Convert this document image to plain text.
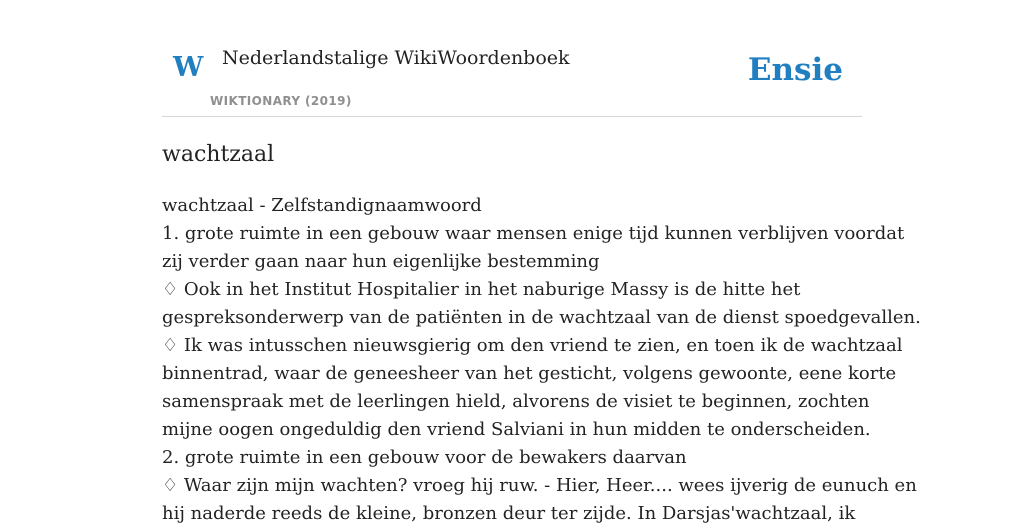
W Nederlandstalige WikiWoordenboek
WIKTIONARY (2019)
Ensie
wachtzaal
wachtzaal - Zelfstandignaamwoord
1. grote ruimte in een gebouw waar mensen enige tijd kunnen verblijven voordat
zij verder gaan naar hun eigenlijke bestemming
♢ Ook in het Institut Hospitalier in het naburige Massy is de hitte het
gespreksonderwerp van de patiënten in de wachtzaal van de dienst spoedgevallen.
♢ Ik was intusschen nieuwsgierig om den vriend te zien, en toen ik de wachtzaal
binnentrad, waar de geneesheer van het gesticht, volgens gewoonte, eene korte
samenspraak met de leerlingen hield, alvorens de visiet te beginnen, zochten
mijne oogen ongeduldig den vriend Salviani in hun midden te onderscheiden.
2. grote ruimte in een gebouw voor de bewakers daarvan
♢ Waar zijn mijn wachten? vroeg hij ruw. - Hier, Heer.... wees ijverig de eunuch en
hij naderde reeds de kleine, bronzen deur ter zijde. In Darsjas'wachtzaal, ik
